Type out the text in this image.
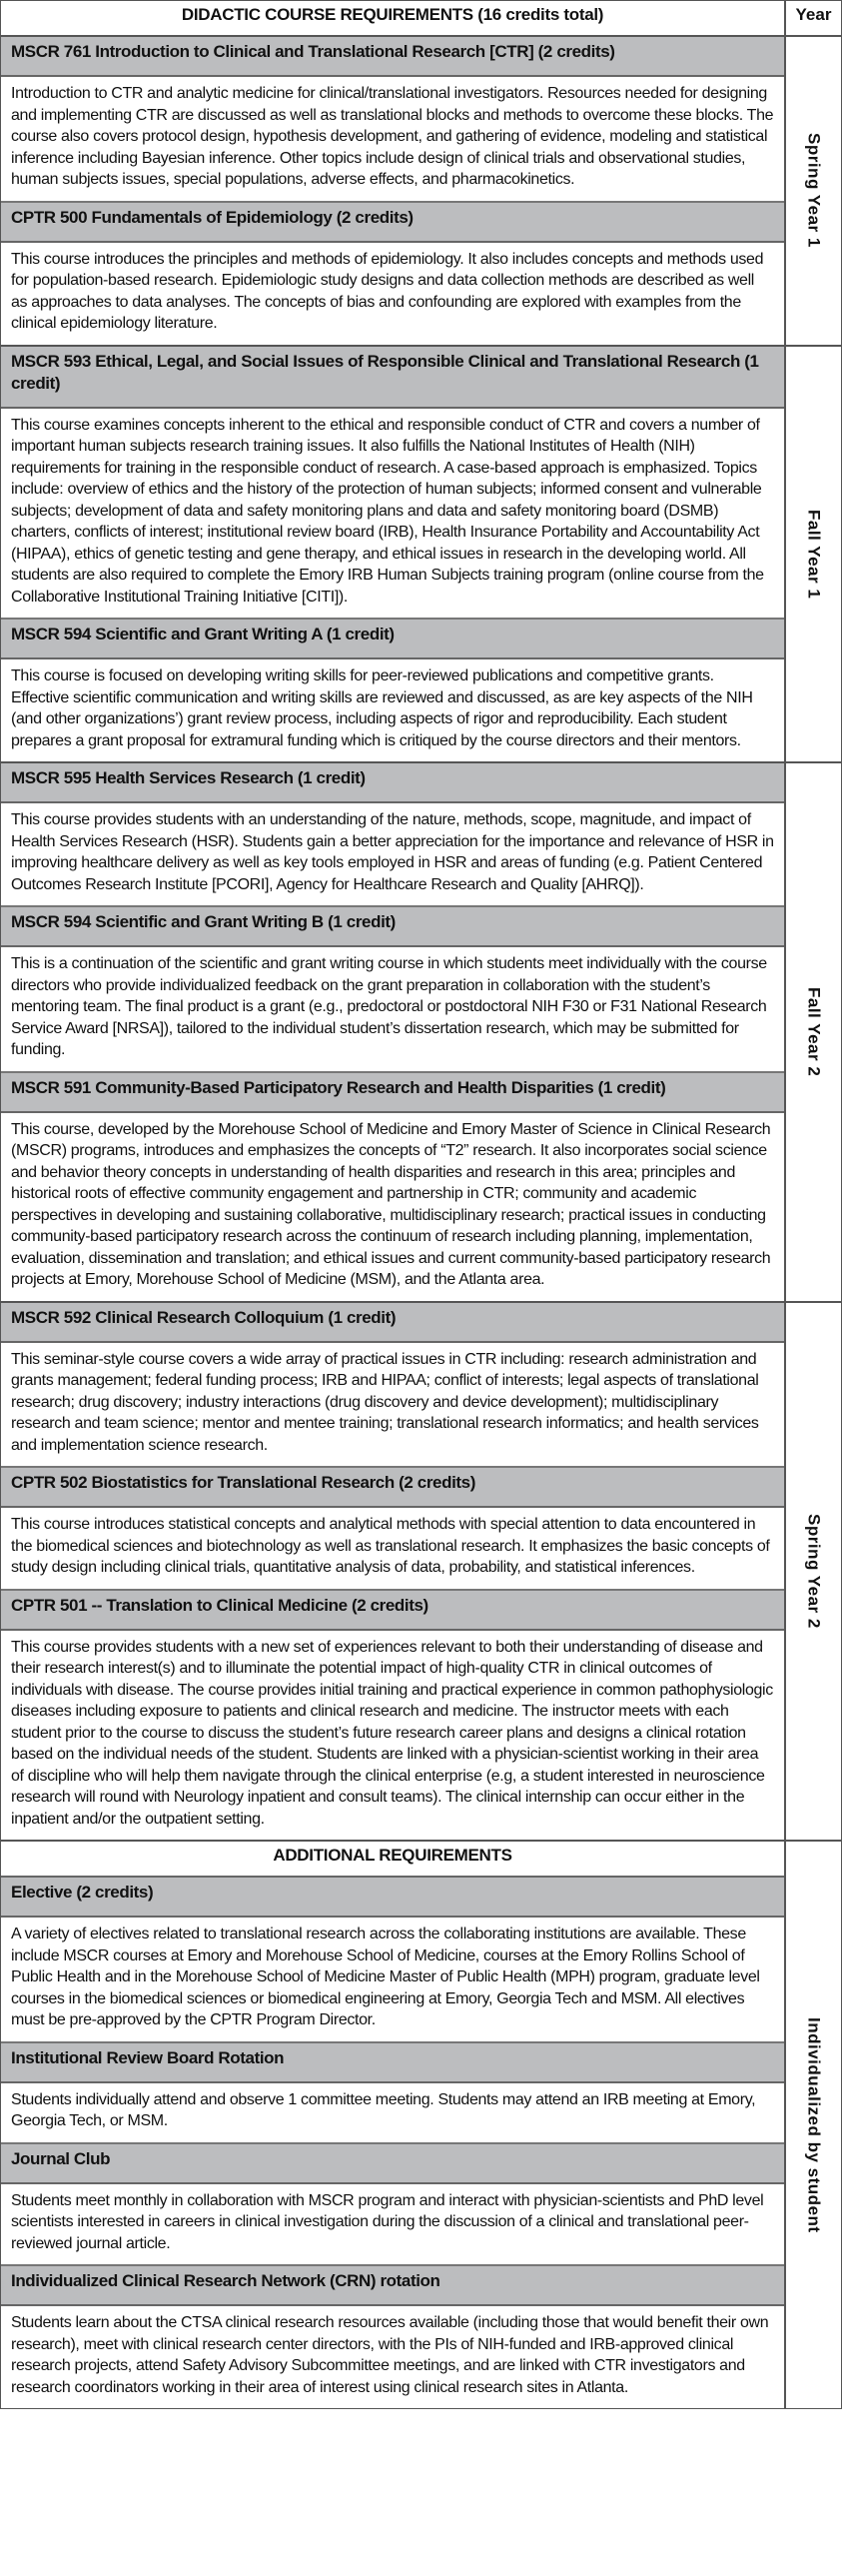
DIDACTIC COURSE REQUIREMENTS (16 credits total)	Year
MSCR 761 Introduction to Clinical and Translational Research [CTR] (2 credits)
Introduction to CTR and analytic medicine for clinical/translational investigators. Resources needed for designing and implementing CTR are discussed as well as translational blocks and methods to overcome these blocks. The course also covers protocol design, hypothesis development, and gathering of evidence, modeling and statistical inference including Bayesian inference. Other topics include design of clinical trials and observational studies, human subjects issues, special populations, adverse effects, and pharmacokinetics.
CPTR 500 Fundamentals of Epidemiology (2 credits)
This course introduces the principles and methods of epidemiology. It also includes concepts and methods used for population-based research. Epidemiologic study designs and data collection methods are described as well as approaches to data analyses. The concepts of bias and confounding are explored with examples from the clinical epidemiology literature.
Spring Year 1
MSCR 593 Ethical, Legal, and Social Issues of Responsible Clinical and Translational Research (1 credit)
This course examines concepts inherent to the ethical and responsible conduct of CTR and covers a number of important human subjects research training issues. It also fulfills the National Institutes of Health (NIH) requirements for training in the responsible conduct of research. A case-based approach is emphasized. Topics include: overview of ethics and the history of the protection of human subjects; informed consent and vulnerable subjects; development of data and safety monitoring plans and data and safety monitoring board (DSMB) charters, conflicts of interest; institutional review board (IRB), Health Insurance Portability and Accountability Act (HIPAA), ethics of genetic testing and gene therapy, and ethical issues in research in the developing world. All students are also required to complete the Emory IRB Human Subjects training program (online course from the Collaborative Institutional Training Initiative [CITI]).
MSCR 594 Scientific and Grant Writing A (1 credit)
This course is focused on developing writing skills for peer-reviewed publications and competitive grants. Effective scientific communication and writing skills are reviewed and discussed, as are key aspects of the NIH (and other organizations’) grant review process, including aspects of rigor and reproducibility. Each student prepares a grant proposal for extramural funding which is critiqued by the course directors and their mentors.
Fall Year 1
MSCR 595 Health Services Research (1 credit)
This course provides students with an understanding of the nature, methods, scope, magnitude, and impact of Health Services Research (HSR). Students gain a better appreciation for the importance and relevance of HSR in improving healthcare delivery as well as key tools employed in HSR and areas of funding (e.g. Patient Centered Outcomes Research Institute [PCORI], Agency for Healthcare Research and Quality [AHRQ]).
MSCR 594 Scientific and Grant Writing B (1 credit)
This is a continuation of the scientific and grant writing course in which students meet individually with the course directors who provide individualized feedback on the grant preparation in collaboration with the student’s mentoring team. The final product is a grant (e.g., predoctoral or postdoctoral NIH F30 or F31 National Research Service Award [NRSA]), tailored to the individual student’s dissertation research, which may be submitted for funding.
MSCR 591 Community-Based Participatory Research and Health Disparities (1 credit)
This course, developed by the Morehouse School of Medicine and Emory Master of Science in Clinical Research (MSCR) programs, introduces and emphasizes the concepts of “T2” research. It also incorporates social science and behavior theory concepts in understanding of health disparities and research in this area; principles and historical roots of effective community engagement and partnership in CTR; community and academic perspectives in developing and sustaining collaborative, multidisciplinary research; practical issues in conducting community-based participatory research across the continuum of research including planning, implementation, evaluation, dissemination and translation; and ethical issues and current community-based participatory research projects at Emory, Morehouse School of Medicine (MSM), and the Atlanta area.
Fall Year 2
MSCR 592 Clinical Research Colloquium (1 credit)
This seminar-style course covers a wide array of practical issues in CTR including: research administration and grants management; federal funding process; IRB and HIPAA; conflict of interests; legal aspects of translational research; drug discovery; industry interactions (drug discovery and device development); multidisciplinary research and team science; mentor and mentee training; translational research informatics; and health services and implementation science research.
CPTR 502 Biostatistics for Translational Research (2 credits)
This course introduces statistical concepts and analytical methods with special attention to data encountered in the biomedical sciences and biotechnology as well as translational research. It emphasizes the basic concepts of study design including clinical trials, quantitative analysis of data, probability, and statistical inferences.
CPTR 501 -- Translation to Clinical Medicine (2 credits)
This course provides students with a new set of experiences relevant to both their understanding of disease and their research interest(s) and to illuminate the potential impact of high-quality CTR in clinical outcomes of individuals with disease. The course provides initial training and practical experience in common pathophysiologic diseases including exposure to patients and clinical research and medicine. The instructor meets with each student prior to the course to discuss the student’s future research career plans and designs a clinical rotation based on the individual needs of the student. Students are linked with a physician-scientist working in their area of discipline who will help them navigate through the clinical enterprise (e.g, a student interested in neuroscience research will round with Neurology inpatient and consult teams). The clinical internship can occur either in the inpatient and/or the outpatient setting.
Spring Year 2
ADDITIONAL REQUIREMENTS
Elective (2 credits)
A variety of electives related to translational research across the collaborating institutions are available. These include MSCR courses at Emory and Morehouse School of Medicine, courses at the Emory Rollins School of Public Health and in the Morehouse School of Medicine Master of Public Health (MPH) program, graduate level courses in the biomedical sciences or biomedical engineering at Emory, Georgia Tech and MSM. All electives must be pre-approved by the CPTR Program Director.
Institutional Review Board Rotation
Students individually attend and observe 1 committee meeting. Students may attend an IRB meeting at Emory, Georgia Tech, or MSM.
Journal Club
Students meet monthly in collaboration with MSCR program and interact with physician-scientists and PhD level scientists interested in careers in clinical investigation during the discussion of a clinical and translational peer-reviewed journal article.
Individualized Clinical Research Network (CRN) rotation
Students learn about the CTSA clinical research resources available (including those that would benefit their own research), meet with clinical research center directors, with the PIs of NIH-funded and IRB-approved clinical research projects, attend Safety Advisory Subcommittee meetings, and are linked with CTR investigators and research coordinators working in their area of interest using clinical research sites in Atlanta.
Individualized by student
